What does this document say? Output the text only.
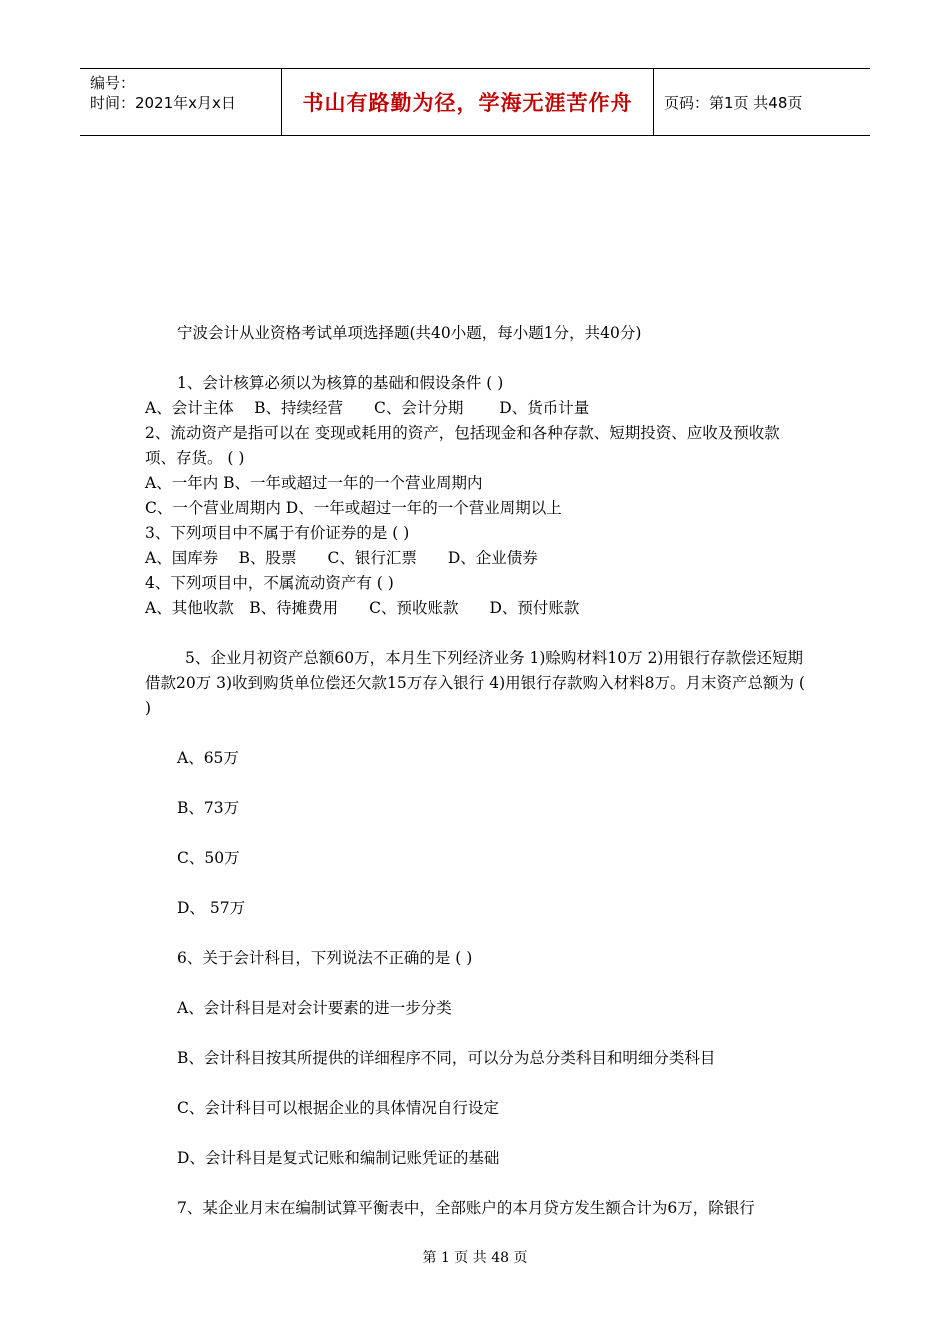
编号：
时间：2021年x月x日	书山有路勤为径，学海无涯苦作舟	页码：第1页 共48页

宁波会计从业资格考试单项选择题(共40小题，每小题1分，共40分)

1、会计核算必须以为核算的基础和假设条件 ( )

A、会计主体　 B、持续经营　　C、会计分期　　 D、货币计量

2、流动资产是指可以在 变现或耗用的资产，包括现金和各种存款、短期投资、应收及预收款项、存货。 ( )

A、一年内 B、一年或超过一年的一个营业周期内

C、一个营业周期内 D、一年或超过一年的一个营业周期以上

3、下列项目中不属于有价证券的是 ( )

A、国库券　 B、股票　　C、银行汇票　　D、企业债券

4、下列项目中，不属流动资产有 ( )

A、其他收款　B、待摊费用　　C、预收账款　　D、预付账款

5、企业月初资产总额60万，本月生下列经济业务 1)赊购材料10万 2)用银行存款偿还短期借款20万 3)收到购货单位偿还欠款15万存入银行 4)用银行存款购入材料8万。月末资产总额为 ( )

A、65万

B、73万

C、50万

D、 57万

6、关于会计科目，下列说法不正确的是 ( )

A、会计科目是对会计要素的进一步分类

B、会计科目按其所提供的详细程序不同，可以分为总分类科目和明细分类科目

C、会计科目可以根据企业的具体情况自行设定

D、会计科目是复式记账和编制记账凭证的基础

7、某企业月末在编制试算平衡表中，全部账户的本月贷方发生额合计为6万，除银行

第 1 页 共 48 页
